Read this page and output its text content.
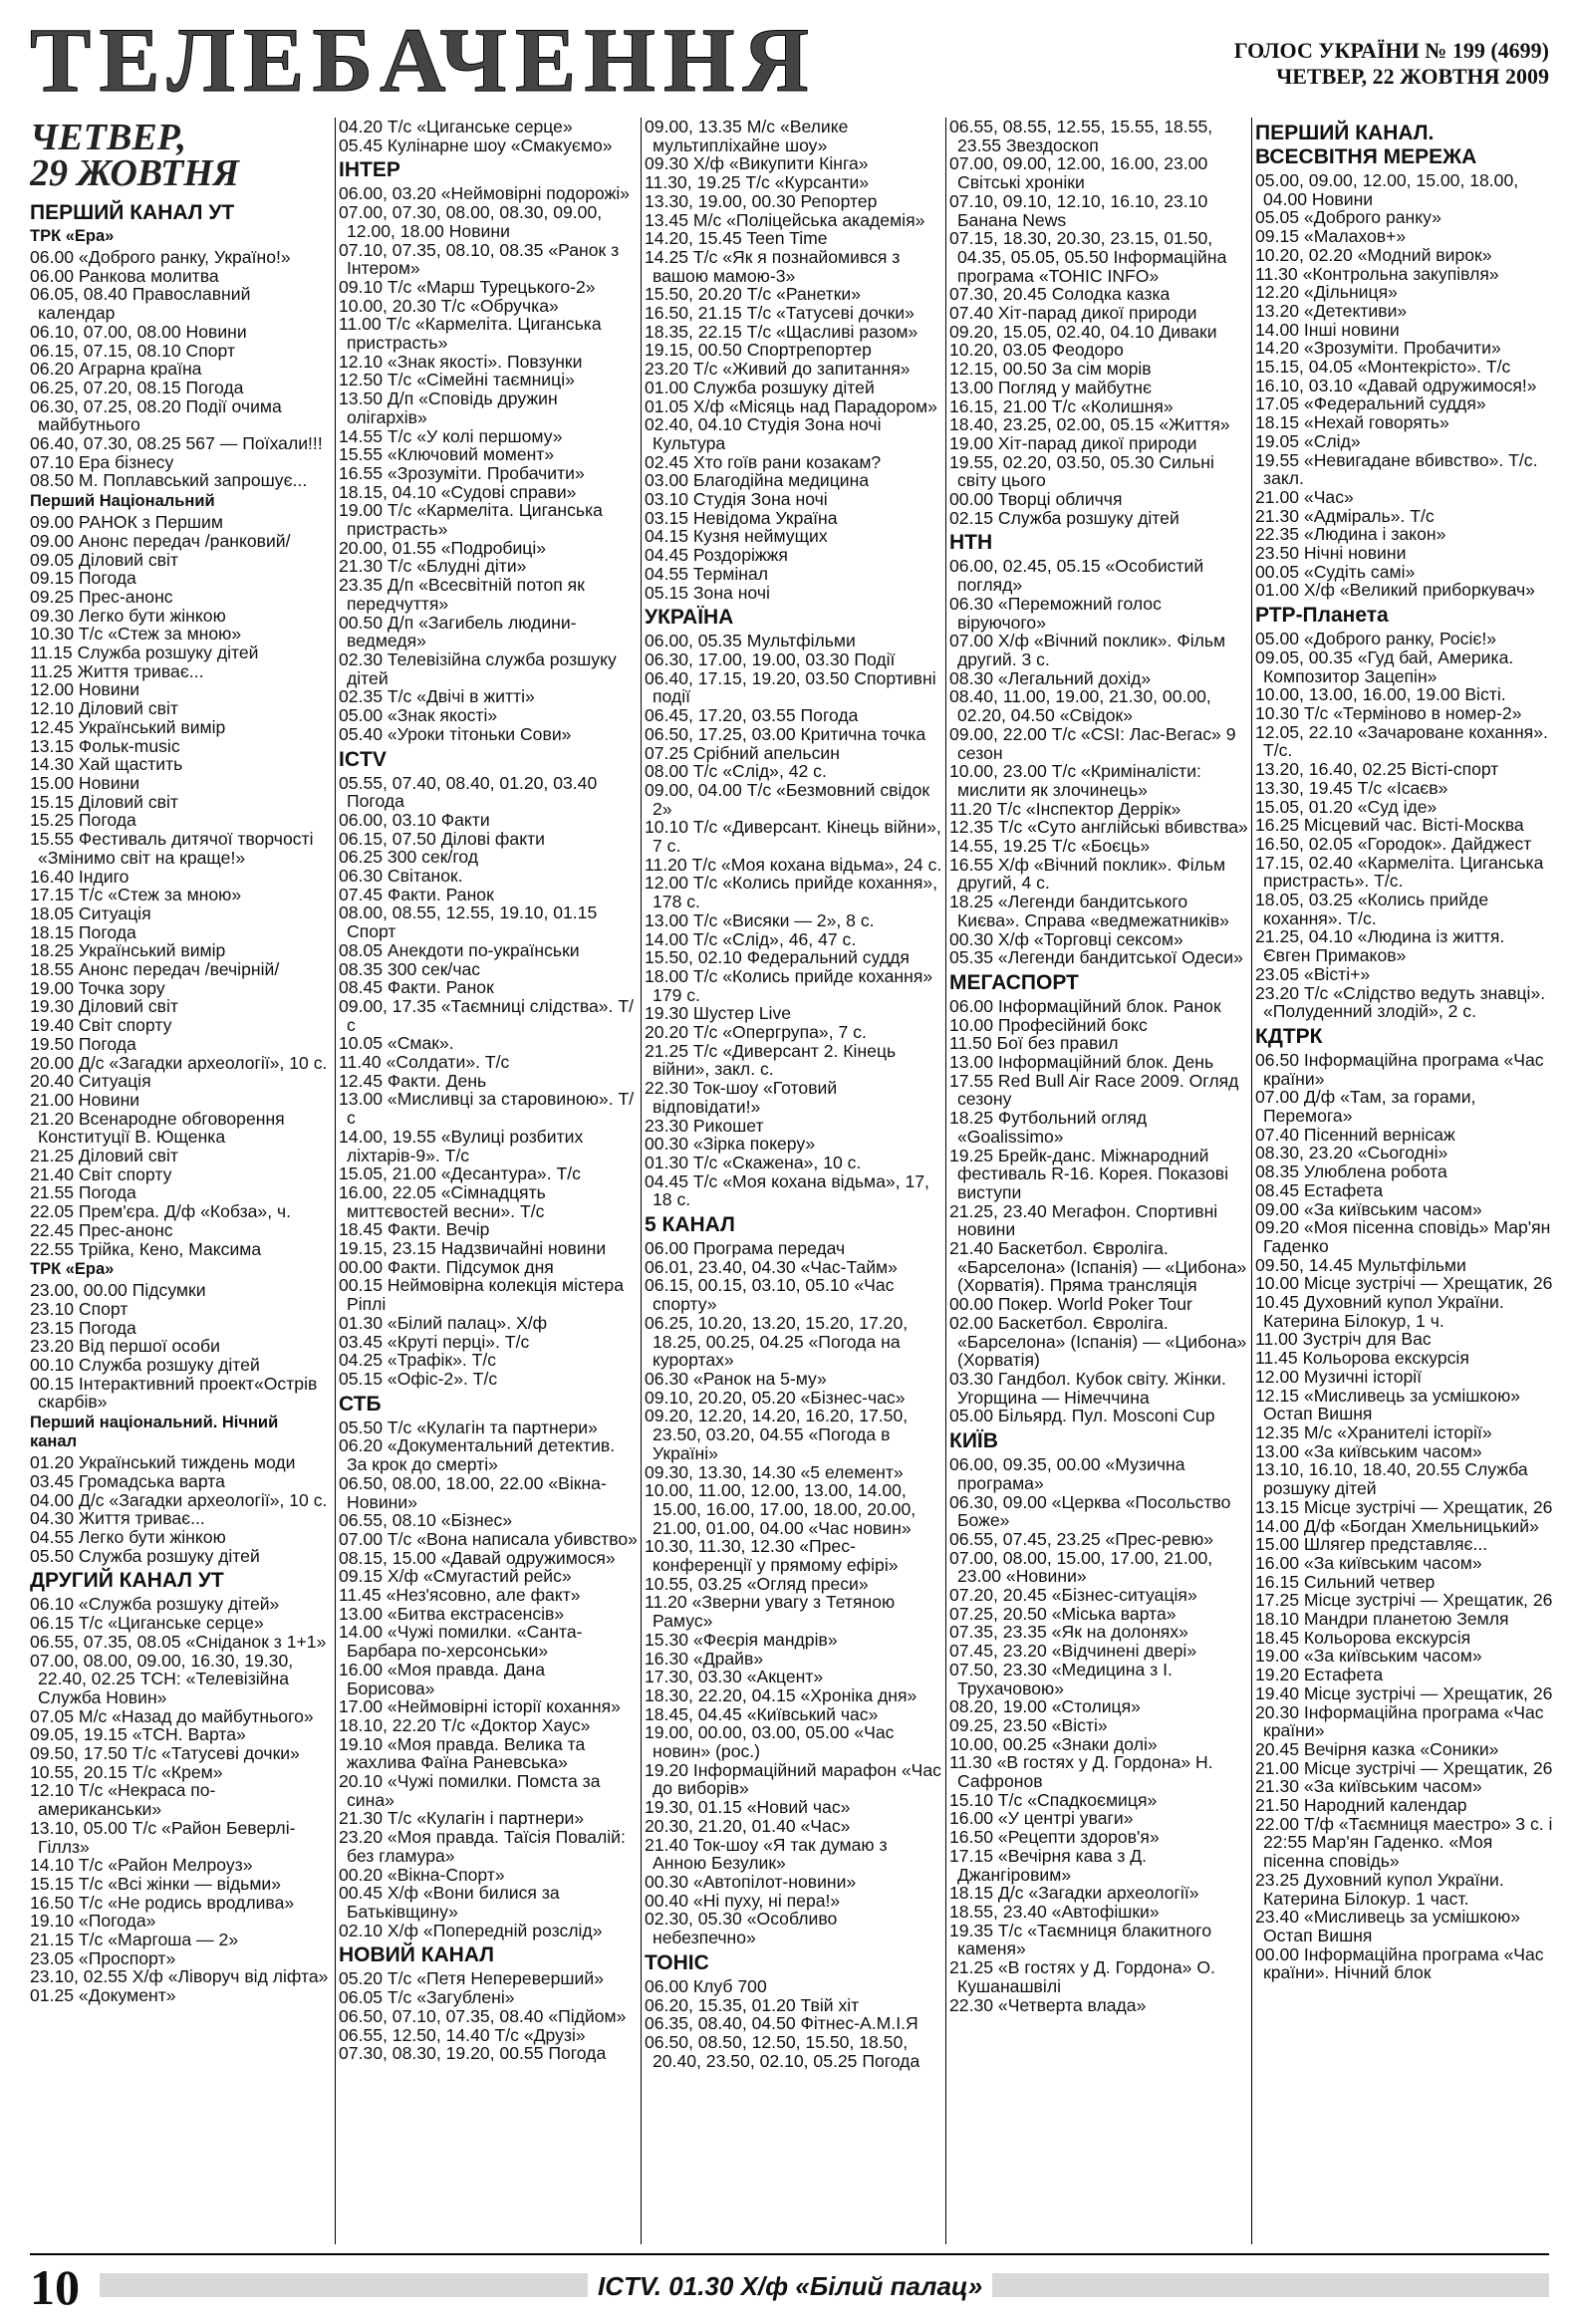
ТЕЛЕБАЧЕННЯ	ГОЛОС УКРАЇНИ № 199 (4699)
ЧЕТВЕР, 22 ЖОВТНЯ 2009
ЧЕТВЕР,
29 ЖОВТНЯ
ПЕРШИЙ КАНАЛ УТ
ТРК «Ера»
06.00 «Доброго ранку, Україно!»
06.00 Ранкова молитва
06.05, 08.40 Православний календар
06.10, 07.00, 08.00 Новини
06.15, 07.15, 08.10 Спорт
06.20 Аграрна країна
06.25, 07.20, 08.15 Погода
06.30, 07.25, 08.20 Події очима майбутнього
06.40, 07.30, 08.25 567 — Поїхали!!!
07.10 Ера бізнесу
08.50 М. Поплавський запрошує...
Перший Національний
09.00 РАНОК з Першим
09.00 Анонс передач /ранковий/
09.05 Діловий світ
09.15 Погода
09.25 Прес-анонс
09.30 Легко бути жінкою
10.30 Т/с «Стеж за мною»
11.15 Служба розшуку дітей
11.25 Життя триває...
12.00 Новини
12.10 Діловий світ
12.45 Український вимір
13.15 Фольк-music
14.30 Хай щастить
15.00 Новини
15.15 Діловий світ
15.25 Погода
15.55 Фестиваль дитячої творчості «Змінимо світ на краще!»
16.40 Індиго
17.15 Т/с «Стеж за мною»
18.05 Ситуація
18.15 Погода
18.25 Український вимір
18.55 Анонс передач /вечірній/
19.00 Точка зору
19.30 Діловий світ
19.40 Світ спорту
19.50 Погода
20.00 Д/с «Загадки археології», 10 с.
20.40 Ситуація
21.00 Новини
21.20 Всенародне обговорення Конституції В. Ющенка
21.25 Діловий світ
21.40 Світ спорту
21.55 Погода
22.05 Прем'єра. Д/ф «Кобза», ч.
22.45 Прес-анонс
22.55 Трійка, Кено, Максима
ТРК «Ера»
23.00, 00.00 Підсумки
23.10 Спорт
23.15 Погода
23.20 Від першої особи
00.10 Служба розшуку дітей
00.15 Інтерактивний проект«Острів скарбів»
Перший національний. Нічний канал
01.20 Український тиждень моди
03.45 Громадська варта
04.00 Д/с «Загадки археології», 10 с.
04.30 Життя триває...
04.55 Легко бути жінкою
05.50 Служба розшуку дітей
ДРУГИЙ КАНАЛ УТ
06.10 «Служба розшуку дітей»
06.15 Т/с «Циганське серце»
06.55, 07.35, 08.05 «Сніданок з 1+1»
07.00, 08.00, 09.00, 16.30, 19.30, 22.40, 02.25 ТСН: «Телевізійна Служба Новин»
07.05 М/с «Назад до майбутнього»
09.05, 19.15 «ТСН. Варта»
09.50, 17.50 Т/с «Татусеві дочки»
10.55, 20.15 Т/с «Крем»
12.10 Т/с «Некраса по-американськи»
13.10, 05.00 Т/с «Район Беверлі-Гіллз»
14.10 Т/с «Район Мелроуз»
15.15 Т/с «Всі жінки — відьми»
16.50 Т/с «Не родись вродлива»
19.10 «Погода»
21.15 Т/с «Маргоша — 2»
23.05 «Проспорт»
23.10, 02.55 Х/ф «Ліворуч від ліфта»
01.25 «Документ»
04.20 Т/с «Циганське серце»
05.45 Кулінарне шоу «Смакуємо»
ІНТЕР
06.00, 03.20 «Неймовірні подорожі»
07.00, 07.30, 08.00, 08.30, 09.00, 12.00, 18.00 Новини
07.10, 07.35, 08.10, 08.35 «Ранок з Інтером»
09.10 Т/с «Марш Турецького-2»
10.00, 20.30 Т/с «Обручка»
11.00 Т/с «Кармеліта. Циганська пристрасть»
12.10 «Знак якості». Повзунки
12.50 Т/с «Сімейні таємниці»
13.50 Д/п «Сповідь дружин олігархів»
14.55 Т/с «У колі першому»
15.55 «Ключовий момент»
16.55 «Зрозуміти. Пробачити»
18.15, 04.10 «Судові справи»
19.00 Т/с «Кармеліта. Циганська пристрасть»
20.00, 01.55 «Подробиці»
21.30 Т/с «Блудні діти»
23.35 Д/п «Всесвітній потоп як передчуття»
00.50 Д/п «Загибель людини-ведмедя»
02.30 Телевізійна служба розшуку дітей
02.35 Т/с «Двічі в житті»
05.00 «Знак якості»
05.40 «Уроки тітоньки Сови»
ICTV
05.55, 07.40, 08.40, 01.20, 03.40 Погода
06.00, 03.10 Факти
06.15, 07.50 Ділові факти
06.25 300 сек/год
06.30 Світанок.
07.45 Факти. Ранок
08.00, 08.55, 12.55, 19.10, 01.15 Спорт
08.05 Анекдоти по-українськи
08.35 300 сек/час
08.45 Факти. Ранок
09.00, 17.35 «Таємниці слідства». Т/с
10.05 «Смак».
11.40 «Солдати». Т/с
12.45 Факти. День
13.00 «Мисливці за старовиною». Т/с
14.00, 19.55 «Вулиці розбитих ліхтарів-9». Т/с
15.05, 21.00 «Десантура». Т/с
16.00, 22.05 «Сімнадцять миттєвостей весни». Т/с
18.45 Факти. Вечір
19.15, 23.15 Надзвичайні новини
00.00 Факти. Підсумок дня
00.15 Неймовірна колекція містера Ріплі
01.30 «Білий палац». Х/ф
03.45 «Круті перці». Т/с
04.25 «Трафік». Т/с
05.15 «Офіс-2». Т/с
СТБ
05.50 Т/с «Кулагін та партнери»
06.20 «Документальний детектив. За крок до смерті»
06.50, 08.00, 18.00, 22.00 «Вікна-Новини»
06.55, 08.10 «Бізнес»
07.00 Т/с «Вона написала убивство»
08.15, 15.00 «Давай одружимося»
09.15 Х/ф «Смугастий рейс»
11.45 «Нез'ясовно, але факт»
13.00 «Битва екстрасенсів»
14.00 «Чужі помилки. «Санта-Барбара по-херсонськи»
16.00 «Моя правда. Дана Борисова»
17.00 «Неймовірні історії кохання»
18.10, 22.20 Т/с «Доктор Хаус»
19.10 «Моя правда. Велика та жахлива Фаїна Раневська»
20.10 «Чужі помилки. Помста за сина»
21.30 Т/с «Кулагін і партнери»
23.20 «Моя правда. Таїсія Повалій: без гламура»
00.20 «Вікна-Спорт»
00.45 Х/ф «Вони билися за Батьківщину»
02.10 Х/ф «Попередній розслід»
НОВИЙ КАНАЛ
05.20 Т/с «Петя Непереверший»
06.05 Т/с «Загублені»
06.50, 07.10, 07.35, 08.40 «Підйом»
06.55, 12.50, 14.40 Т/с «Друзі»
07.30, 08.30, 19.20, 00.55 Погода
09.00, 13.35 М/с «Велике мультипліхайне шоу»
09.30 Х/ф «Викупити Кінга»
11.30, 19.25 Т/с «Курсанти»
13.30, 19.00, 00.30 Репортер
13.45 М/с «Поліцейська академія»
14.20, 15.45 Teen Time
14.25 Т/с «Як я познайомився з вашою мамою-3»
15.50, 20.20 Т/с «Ранетки»
16.50, 21.15 Т/с «Татусеві дочки»
18.35, 22.15 Т/с «Щасливі разом»
19.15, 00.50 Спортрепортер
23.20 Т/с «Живий до запитання»
01.00 Служба розшуку дітей
01.05 Х/ф «Місяць над Парадором»
02.40, 04.10 Студія Зона ночі Культура
02.45 Хто гоїв рани козакам?
03.00 Благодійна медицина
03.10 Студія Зона ночі
03.15 Невідома Україна
04.15 Кузня неймущих
04.45 Роздоріжжя
04.55 Термінал
05.15 Зона ночі
УКРАЇНА
06.00, 05.35 Мультфільми
06.30, 17.00, 19.00, 03.30 Події
06.40, 17.15, 19.20, 03.50 Спортивні події
06.45, 17.20, 03.55 Погода
06.50, 17.25, 03.00 Критична точка
07.25 Срібний апельсин
08.00 Т/с «Слід», 42 с.
09.00, 04.00 Т/с «Безмовний свідок 2»
10.10 Т/с «Диверсант. Кінець війни», 7 с.
11.20 Т/с «Моя кохана відьма», 24 с.
12.00 Т/с «Колись прийде кохання», 178 с.
13.00 Т/с «Висяки — 2», 8 с.
14.00 Т/с «Слід», 46, 47 с.
15.50, 02.10 Федеральний суддя
18.00 Т/с «Колись прийде кохання» 179 с.
19.30 Шустер Live
20.20 Т/с «Опергрупа», 7 с.
21.25 Т/с «Диверсант 2. Кінець війни», закл. с.
22.30 Ток-шоу «Готовий відповідати!»
23.30 Рикошет
00.30 «Зірка покеру»
01.30 Т/с «Скажена», 10 с.
04.45 Т/с «Моя кохана відьма», 17, 18 с.
5 КАНАЛ
06.00 Програма передач
06.01, 23.40, 04.30 «Час-Тайм»
06.15, 00.15, 03.10, 05.10 «Час спорту»
06.25, 10.20, 13.20, 15.20, 17.20, 18.25, 00.25, 04.25 «Погода на курортах»
06.30 «Ранок на 5-му»
09.10, 20.20, 05.20 «Бізнес-час»
09.20, 12.20, 14.20, 16.20, 17.50, 23.50, 03.20, 04.55 «Погода в Україні»
09.30, 13.30, 14.30 «5 елемент»
10.00, 11.00, 12.00, 13.00, 14.00, 15.00, 16.00, 17.00, 18.00, 20.00, 21.00, 01.00, 04.00 «Час новин»
10.30, 11.30, 12.30 «Прес-конференції у прямому ефірі»
10.55, 03.25 «Огляд преси»
11.20 «Зверни увагу з Тетяною Рамус»
15.30 «Феєрія мандрів»
16.30 «Драйв»
17.30, 03.30 «Акцент»
18.30, 22.20, 04.15 «Хроніка дня»
18.45, 04.45 «Київський час»
19.00, 00.00, 03.00, 05.00 «Час новин» (рос.)
19.20 Інформаційний марафон «Час до виборів»
19.30, 01.15 «Новий час»
20.30, 21.20, 01.40 «Час»
21.40 Ток-шоу «Я так думаю з Анною Безулик»
00.30 «Автопілот-новини»
00.40 «Ні пуху, ні пера!»
02.30, 05.30 «Особливо небезпечно»
ТОНІС
06.00 Клуб 700
06.20, 15.35, 01.20 Твій хіт
06.35, 08.40, 04.50 Фітнес-А.М.І.Я
06.50, 08.50, 12.50, 15.50, 18.50, 20.40, 23.50, 02.10, 05.25 Погода
06.55, 08.55, 12.55, 15.55, 18.55, 23.55 Звездоскоп
07.00, 09.00, 12.00, 16.00, 23.00 Світські хроніки
07.10, 09.10, 12.10, 16.10, 23.10 Банана News
07.15, 18.30, 20.30, 23.15, 01.50, 04.35, 05.05, 05.50 Інформаційна програма «ТОНІС INFO»
07.30, 20.45 Солодка казка
07.40 Хіт-парад дикої природи
09.20, 15.05, 02.40, 04.10 Диваки
10.20, 03.05 Феодоро
12.15, 00.50 За сім морів
13.00 Погляд у майбутнє
16.15, 21.00 Т/с «Колишня»
18.40, 23.25, 02.00, 05.15 «Життя»
19.00 Хіт-парад дикої природи
19.55, 02.20, 03.50, 05.30 Сильні світу цього
00.00 Творці обличчя
02.15 Служба розшуку дітей
НТН
06.00, 02.45, 05.15 «Особистий погляд»
06.30 «Переможний голос віруючого»
07.00 Х/ф «Вічний поклик». Фільм другий. 3 с.
08.30 «Легальний дохід»
08.40, 11.00, 19.00, 21.30, 00.00, 02.20, 04.50 «Свідок»
09.00, 22.00 Т/с «CSI: Лас-Вегас» 9 сезон
10.00, 23.00 Т/с «Криміналісти: мислити як злочинець»
11.20 Т/с «Інспектор Деррік»
12.35 Т/с «Суто англійські вбивства»
14.55, 19.25 Т/с «Боєць»
16.55 Х/ф «Вічний поклик». Фільм другий, 4 с.
18.25 «Легенди бандитського Києва». Справа «ведмежатників»
00.30 Х/ф «Торговці сексом»
05.35 «Легенди бандитської Одеси»
МЕГАСПОРТ
06.00 Інформаційний блок. Ранок
10.00 Професійний бокс
11.50 Бої без правил
13.00 Інформаційний блок. День
17.55 Red Bull Air Race 2009. Огляд сезону
18.25 Футбольний огляд «Goalissimo»
19.25 Брейк-данс. Міжнародний фестиваль R-16. Корея. Показові виступи
21.25, 23.40 Мегафон. Спортивні новини
21.40 Баскетбол. Євроліга. «Барселона» (Іспанія) — «Цибона» (Хорватія). Пряма трансляція
00.00 Покер. World Poker Tour
02.00 Баскетбол. Євроліга. «Барселона» (Іспанія) — «Цибона» (Хорватія)
03.30 Гандбол. Кубок світу. Жінки. Угорщина — Німеччина
05.00 Більярд. Пул. Mosconi Cup
КИЇВ
06.00, 09.35, 00.00 «Музична програма»
06.30, 09.00 «Церква «Посольство Боже»
06.55, 07.45, 23.25 «Прес-ревю»
07.00, 08.00, 15.00, 17.00, 21.00, 23.00 «Новини»
07.20, 20.45 «Бізнес-ситуація»
07.25, 20.50 «Міська варта»
07.35, 23.35 «Як на долонях»
07.45, 23.20 «Відчинені двері»
07.50, 23.30 «Медицина з І. Трухачовою»
08.20, 19.00 «Столиця»
09.25, 23.50 «Вісті»
10.00, 00.25 «Знаки долі»
11.30 «В гостях у Д. Гордона» Н. Сафронов
15.10 Т/с «Спадкоємиця»
16.00 «У центрі уваги»
16.50 «Рецепти здоров'я»
17.15 «Вечірня кава з Д. Джангіровим»
18.15 Д/с «Загадки археології»
18.55, 23.40 «Автофішки»
19.35 Т/с «Таємниця блакитного каменя»
21.25 «В гостях у Д. Гордона» О. Кушанашвілі
22.30 «Четверта влада»
ПЕРШИЙ КАНАЛ. ВСЕСВІТНЯ МЕРЕЖА
05.00, 09.00, 12.00, 15.00, 18.00, 04.00 Новини
05.05 «Доброго ранку»
09.15 «Малахов+»
10.20, 02.20 «Модний вирок»
11.30 «Контрольна закупівля»
12.20 «Дільниця»
13.20 «Детективи»
14.00 Інші новини
14.20 «Зрозуміти. Пробачити»
15.15, 04.05 «Монтекрісто». Т/с
16.10, 03.10 «Давай одружимося!»
17.05 «Федеральний суддя»
18.15 «Нехай говорять»
19.05 «Слід»
19.55 «Невигадане вбивство». Т/с. закл.
21.00 «Час»
21.30 «Адміраль». Т/с
22.35 «Людина і закон»
23.50 Нічні новини
00.05 «Судіть самі»
01.00 Х/ф «Великий приборкувач»
РТР-Планета
05.00 «Доброго ранку, Росіє!»
09.05, 00.35 «Гуд бай, Америка. Композитор Зацепін»
10.00, 13.00, 16.00, 19.00 Вісті.
10.30 Т/с «Терміново в номер-2»
12.05, 22.10 «Зачароване кохання». Т/с.
13.20, 16.40, 02.25 Вісті-спорт
13.30, 19.45 Т/с «Ісаєв»
15.05, 01.20 «Суд іде»
16.25 Місцевий час. Вісті-Москва
16.50, 02.05 «Городок». Дайджест
17.15, 02.40 «Кармеліта. Циганська пристрасть». Т/с.
18.05, 03.25 «Колись прийде кохання». Т/с.
21.25, 04.10 «Людина із життя. Євген Примаков»
23.05 «Вісті+»
23.20 Т/с «Слідство ведуть знавці». «Полуденний злодій», 2 с.
КДТРК
06.50 Інформаційна програма «Час країни»
07.00 Д/ф «Там, за горами, Перемога»
07.40 Пісенний вернісаж
08.30, 23.20 «Сьогодні»
08.35 Улюблена робота
08.45 Естафета
09.00 «За київським часом»
09.20 «Моя пісенна сповідь» Мар'ян Гаденко
09.50, 14.45 Мультфільми
10.00 Місце зустрічі — Хрещатик, 26
10.45 Духовний купол України. Катерина Білокур, 1 ч.
11.00 Зустріч для Вас
11.45 Кольорова екскурсія
12.00 Музичні історії
12.15 «Мисливець за усмішкою» Остап Вишня
12.35 М/с «Хранителі історії»
13.00 «За київським часом»
13.10, 16.10, 18.40, 20.55 Служба розшуку дітей
13.15 Місце зустрічі — Хрещатик, 26
14.00 Д/ф «Богдан Хмельницький»
15.00 Шлягер представляє...
16.00 «За київським часом»
16.15 Сильний четвер
17.25 Місце зустрічі — Хрещатик, 26
18.10 Мандри планетою Земля
18.45 Кольорова екскурсія
19.00 «За київським часом»
19.20 Естафета
19.40 Місце зустрічі — Хрещатик, 26
20.30 Інформаційна програма «Час країни»
20.45 Вечірня казка «Соники»
21.00 Місце зустрічі — Хрещатик, 26
21.30 «За київським часом»
21.50 Народний календар
22.00 Т/ф «Таємниця маестро» 3 с. і 22:55 Мар'ян Гаденко. «Моя пісенна сповідь»
23.25 Духовний купол України. Катерина Білокур. 1 част.
23.40 «Мисливець за усмішкою» Остап Вишня
00.00 Інформаційна програма «Час країни». Нічний блок
10	ICTV. 01.30 Х/ф «Білий палац»
